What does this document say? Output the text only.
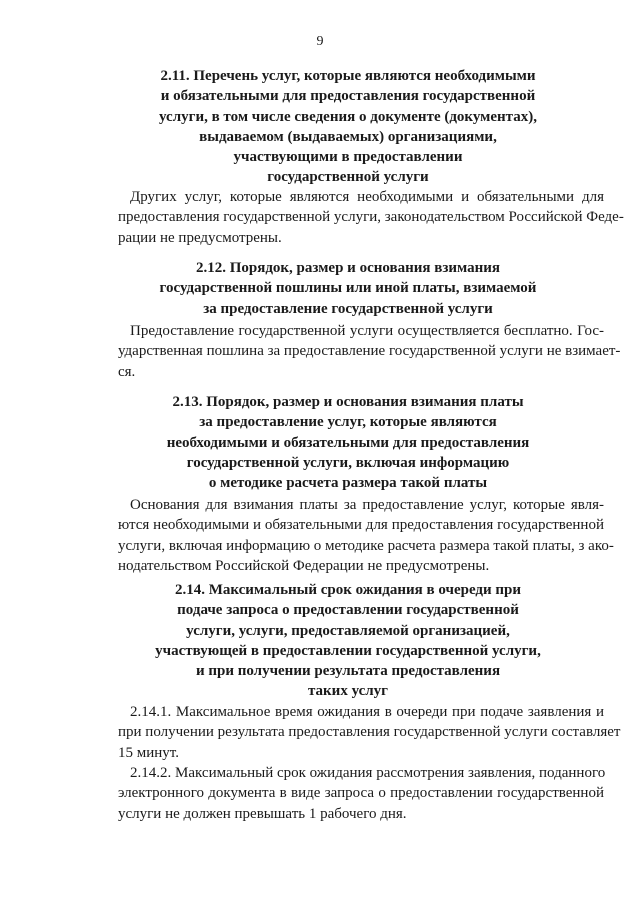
9
2.11. Перечень услуг, которые являются необходимыми
и обязательными для предоставления государственной
услуги, в том числе сведения о документе (документах),
выдаваемом (выдаваемых) организациями,
участвующими в предоставлении
государственной услуги

Других услуг, которые являются необходимыми и обязательными для
предоставления государственной услуги, законодательством Российской Феде-
рации не предусмотрены.

2.12. Порядок, размер и основания взимания
государственной пошлины или иной платы, взимаемой
за предоставление государственной услуги

Предоставление государственной услуги осуществляется бесплатно. Гос-
ударственная пошлина за предоставление государственной услуги не взимает-
ся.

2.13. Порядок, размер и основания взимания платы
за предоставление услуг, которые являются
необходимыми и обязательными для предоставления
государственной услуги, включая информацию
о методике расчета размера такой платы

Основания для взимания платы за предоставление услуг, которые явля-
ются необходимыми и обязательными для предоставления государственной
услуги, включая информацию о методике расчета размера такой платы, з ако-
нодательством Российской Федерации не предусмотрены.

2.14. Максимальный срок ожидания в очереди при
подаче запроса о предоставлении государственной
услуги, услуги, предоставляемой организацией,
участвующей в предоставлении государственной услуги,
и при получении результата предоставления
таких услуг

2.14.1. Максимальное время ожидания в очереди при подаче заявления и
при получении результата предоставления государственной услуги составляет
15 минут.

2.14.2. Максимальный срок ожидания рассмотрения заявления, поданного
электронного документа в виде запроса о предоставлении государственной
услуги не должен превышать 1 рабочего дня.
